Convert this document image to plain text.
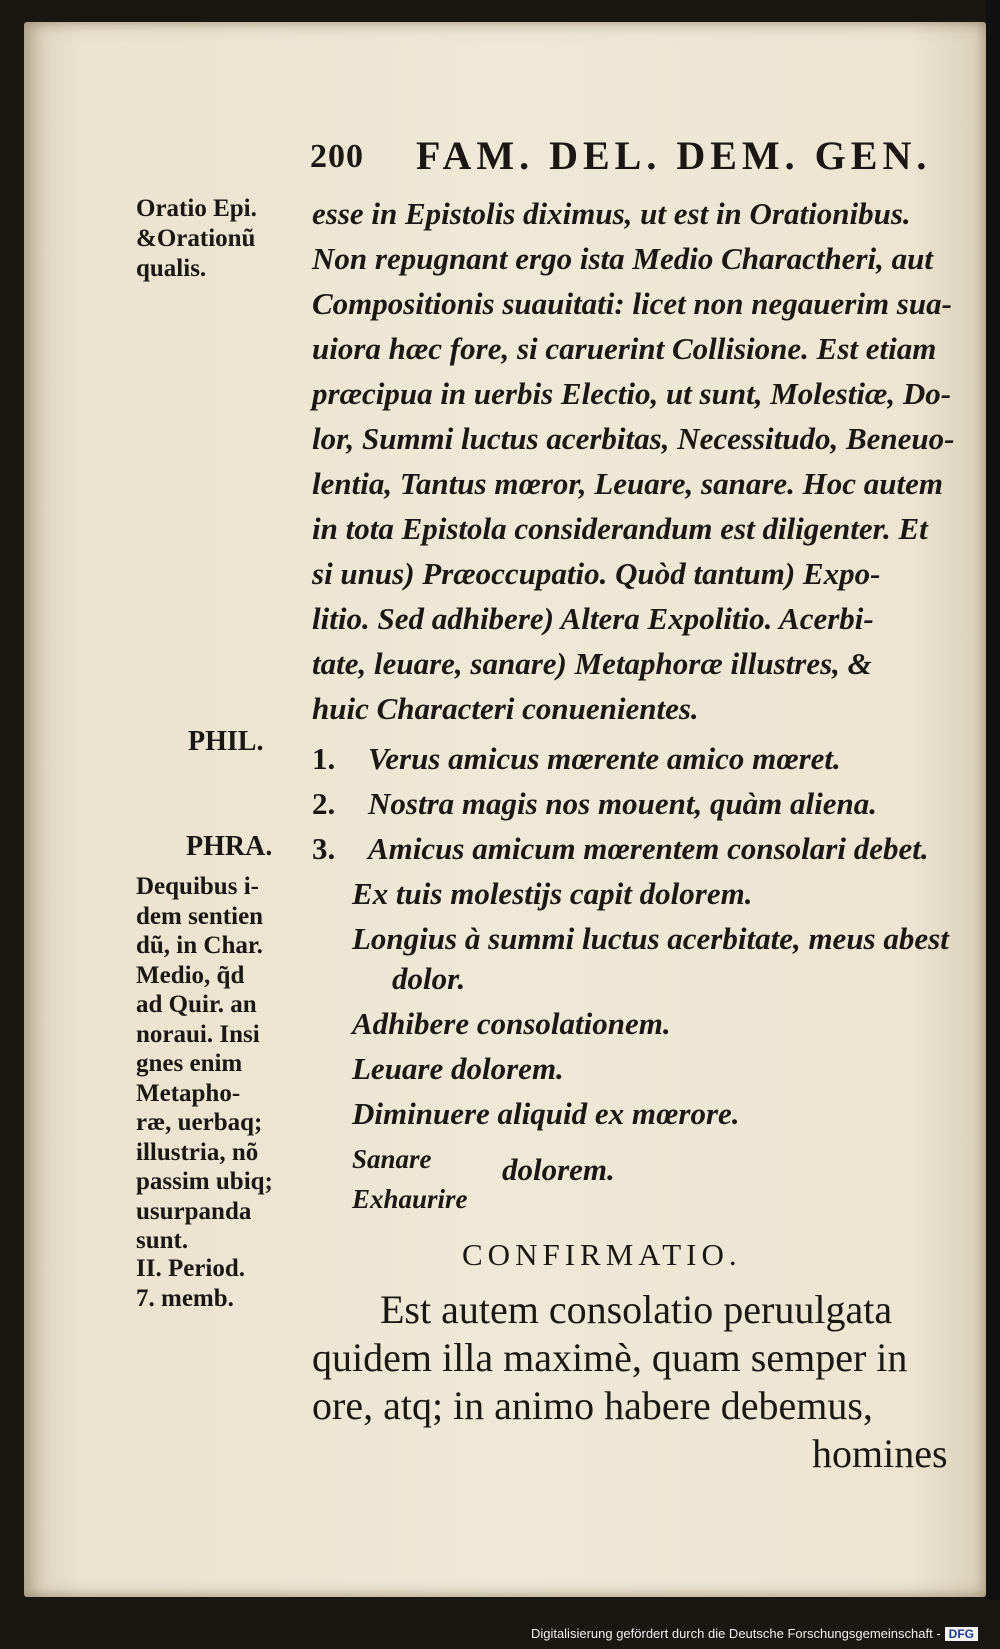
200 FAM. DEL. DEM. GEN.
Oratio Epi.
&Orationũ
qualis.
PHIL.
PHRA.
Dequibus i-
dem sentien
dũ, in Char.
Medio, q̃d
ad Quir. an
noraui. Insi
gnes enim
Metapho-
ræ, uerbaq;
illustria, nõ
passim ubiq;
usurpanda
sunt.
II. Period.
7. memb.
esse in Epistolis diximus, ut est in Orationibus.
Non repugnant ergo ista Medio Charactheri, aut
Compositionis suauitati: licet non negauerim sua-
uiora hæc fore, si caruerint Collisione. Est etiam
præcipua in uerbis Electio, ut sunt, Molestiæ, Do-
lor, Summi luctus acerbitas, Necessitudo, Beneuo-
lentia, Tantus mœror, Leuare, sanare. Hoc autem
in tota Epistola considerandum est diligenter. Et
si unus) Præoccupatio. Quòd tantum) Expo-
litio. Sed adhibere) Altera Expolitio. Acerbi-
tate, leuare, sanare) Metaphoræ illustres, &
huic Characteri conuenientes.
1. Verus amicus mœrente amico mœret.
2. Nostra magis nos mouent, quàm aliena.
3. Amicus amicum mœrentem consolari debet.
Ex tuis molestijs capit dolorem.
Longius à summi luctus acerbitate, meus abest
dolor.
Adhibere consolationem.
Leuare dolorem.
Diminuere aliquid ex mœrore.
Sanare
Exhaurire
dolorem.
CONFIRMATIO.
Est autem consolatio peruulgata
quidem illa maximè, quam semper in
ore, atq; in animo habere debemus,
homines
Digitalisierung gefördert durch die Deutsche Forschungsgemeinschaft - DFG
